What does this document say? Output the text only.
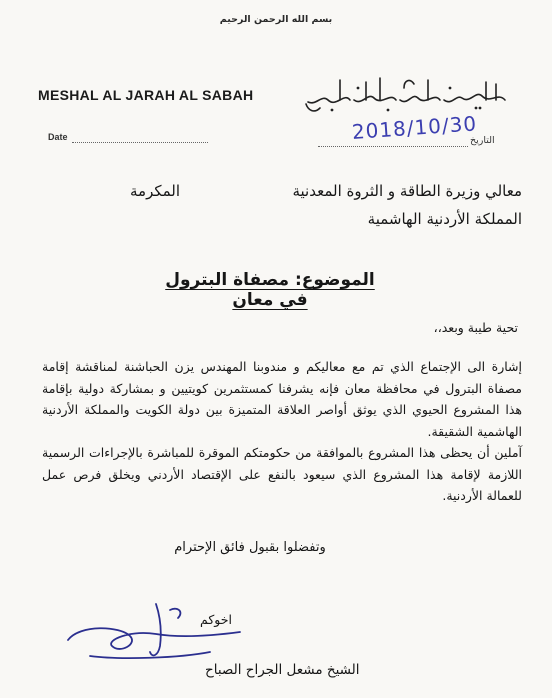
بسم الله الرحمن الرحيم
MESHAL AL JARAH AL SABAH
Date	التاريخ
2018/10/30
معالي وزيرة الطاقة و الثروة المعدنية
المكرمة
المملكة الأردنية الهاشمية
الموضوع: مصفاة البترول في معان
تحية طيبة وبعد،،
إشارة الى الإجتماع الذي تم مع معاليكم و مندوبنا المهندس يزن الحباشنة لمناقشة إقامة مصفاة البترول في محافظة معان فإنه يشرفنا كمستثمرين كويتيين و بمشاركة دولية بإقامة هذا المشروع الحيوي الذي يوثق أواصر العلاقة المتميزة بين دولة الكويت والمملكة الأردنية الهاشمية الشقيقة.
آملين أن يحظى هذا المشروع بالموافقة من حكومتكم الموقرة للمباشرة بالإجراءات الرسمية اللازمة لإقامة هذا المشروع الذي سيعود بالنفع على الإقتصاد الأردني ويخلق فرص عمل للعمالة الأردنية.
وتفضلوا بقبول فائق الإحترام
اخوكم
الشيخ مشعل الجراح الصباح
